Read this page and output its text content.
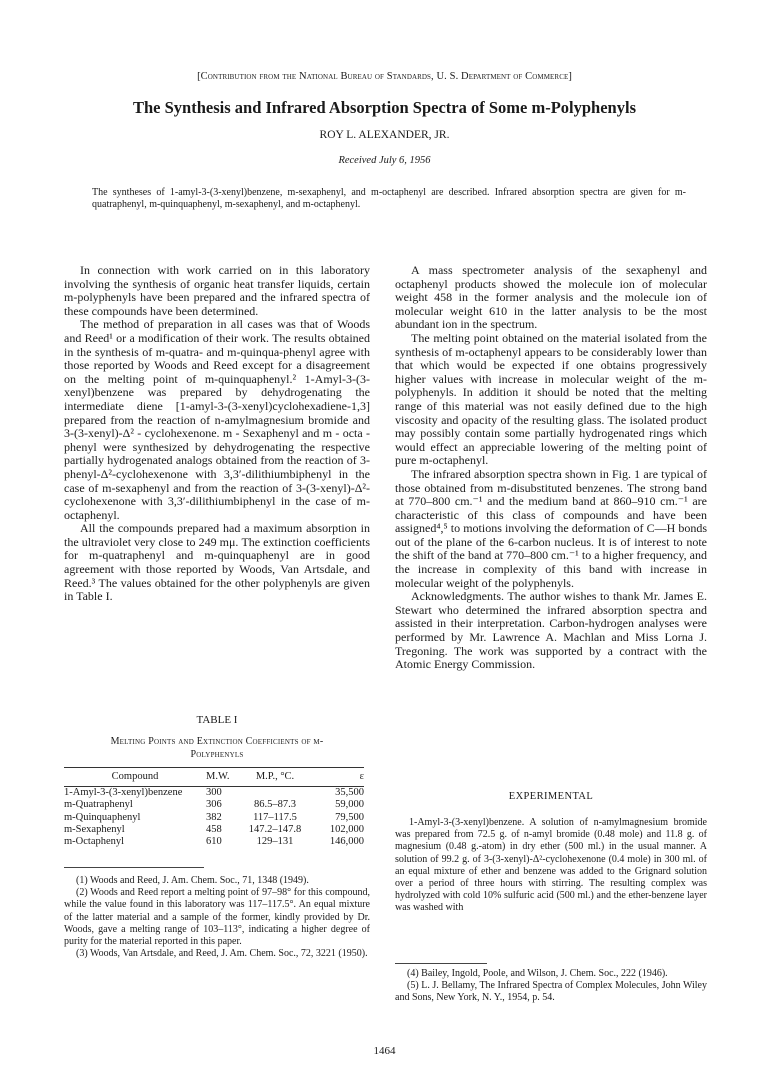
[Contribution from the National Bureau of Standards, U. S. Department of Commerce]
The Synthesis and Infrared Absorption Spectra of Some m-Polyphenyls
ROY L. ALEXANDER, JR.
Received July 6, 1956
The syntheses of 1-amyl-3-(3-xenyl)benzene, m-sexaphenyl, and m-octaphenyl are described. Infrared absorption spectra are given for m-quatraphenyl, m-quinquaphenyl, m-sexaphenyl, and m-octaphenyl.

In connection with work carried on in this laboratory involving the synthesis of organic heat transfer liquids, certain m-polyphenyls have been prepared and the infrared spectra of these compounds have been determined.

The method of preparation in all cases was that of Woods and Reed¹ or a modification of their work. The results obtained in the synthesis of m-quatra- and m-quinqua-phenyl agree with those reported by Woods and Reed except for a disagreement on the melting point of m-quinquaphenyl.² 1-Amyl-3-(3-xenyl)benzene was prepared by dehydrogenating the intermediate diene [1-amyl-3-(3-xenyl)cyclohexadiene-1,3] prepared from the reaction of n-amylmagnesium bromide and 3-(3-xenyl)-Δ² - cyclohexenone. m - Sexaphenyl and m - octa - phenyl were synthesized by dehydrogenating the respective partially hydrogenated analogs obtained from the reaction of 3-phenyl-Δ²-cyclohexenone with 3,3′-dilithiumbiphenyl in the case of m-sexaphenyl and from the reaction of 3-(3-xenyl)-Δ²-cyclohexenone with 3,3′-dilithiumbiphenyl in the case of m-octaphenyl.

All the compounds prepared had a maximum absorption in the ultraviolet very close to 249 mμ. The extinction coefficients for m-quatraphenyl and m-quinquaphenyl are in good agreement with those reported by Woods, Van Artsdale, and Reed.³ The values obtained for the other polyphenyls are given in Table I.

TABLE I
Melting Points and Extinction Coefficients of m-
Polyphenyls
Compound	M.W.	M.P., °C.	ε
1-Amyl-3-(3-xenyl)benzene	300		35,500
m-Quatraphenyl	306	86.5–87.3	59,000
m-Quinquaphenyl	382	117–117.5	79,500
m-Sexaphenyl	458	147.2–147.8	102,000
m-Octaphenyl	610	129–131	146,000

(1) Woods and Reed, J. Am. Chem. Soc., 71, 1348 (1949).

(2) Woods and Reed report a melting point of 97–98° for this compound, while the value found in this laboratory was 117–117.5°. An equal mixture of the latter material and a sample of the former, kindly provided by Dr. Woods, gave a melting range of 103–113°, indicating a higher degree of purity for the material reported in this paper.

(3) Woods, Van Artsdale, and Reed, J. Am. Chem. Soc., 72, 3221 (1950).

A mass spectrometer analysis of the sexaphenyl and octaphenyl products showed the molecule ion of molecular weight 458 in the former analysis and the molecule ion of molecular weight 610 in the latter analysis to be the most abundant ion in the spectrum.

The melting point obtained on the material isolated from the synthesis of m-octaphenyl appears to be considerably lower than that which would be expected if one obtains progressively higher values with increase in molecular weight of the m-polyphenyls. In addition it should be noted that the melting range of this material was not easily defined due to the high viscosity and opacity of the resulting glass. The isolated product may possibly contain some partially hydrogenated rings which would effect an appreciable lowering of the melting point of pure m-octaphenyl.

The infrared absorption spectra shown in Fig. 1 are typical of those obtained from m-disubstituted benzenes. The strong band at 770–800 cm.⁻¹ and the medium band at 860–910 cm.⁻¹ are characteristic of this class of compounds and have been assigned⁴,⁵ to motions involving the deformation of C—H bonds out of the plane of the 6-carbon nucleus. It is of interest to note the shift of the band at 770–800 cm.⁻¹ to a higher frequency, and the increase in complexity of this band with increase in molecular weight of the polyphenyls.

Acknowledgments. The author wishes to thank Mr. James E. Stewart who determined the infrared absorption spectra and assisted in their interpretation. Carbon-hydrogen analyses were performed by Mr. Lawrence A. Machlan and Miss Lorna J. Tregoning. The work was supported by a contract with the Atomic Energy Commission.

EXPERIMENTAL

1-Amyl-3-(3-xenyl)benzene. A solution of n-amylmagnesium bromide was prepared from 72.5 g. of n-amyl bromide (0.48 mole) and 11.8 g. of magnesium (0.48 g.-atom) in dry ether (500 ml.) in the usual manner. A solution of 99.2 g. of 3-(3-xenyl)-Δ²-cyclohexenone (0.4 mole) in 300 ml. of an equal mixture of ether and benzene was added to the Grignard solution over a period of three hours with stirring. The resulting complex was hydrolyzed with cold 10% sulfuric acid (500 ml.) and the ether-benzene layer was washed with

(4) Bailey, Ingold, Poole, and Wilson, J. Chem. Soc., 222 (1946).

(5) L. J. Bellamy, The Infrared Spectra of Complex Molecules, John Wiley and Sons, New York, N. Y., 1954, p. 54.

1464
